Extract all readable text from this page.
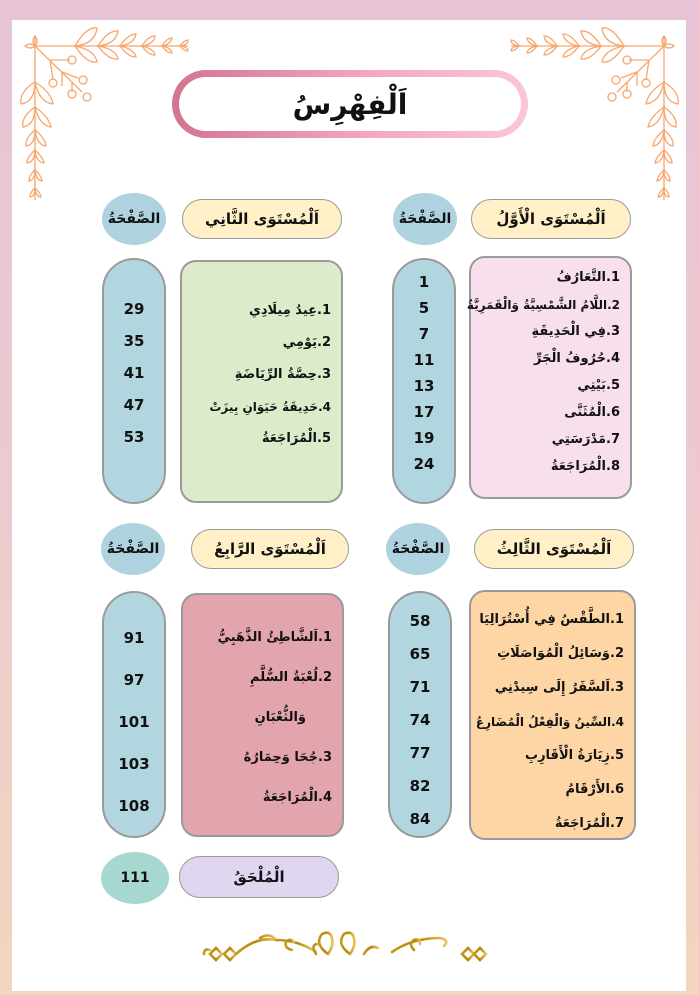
اَلْفِهْرِسُ
اَلْمُسْتَوَى الْأَوَّلُ
الصَّفْحَةُ
1.التَّعَارُفُ
2.اللَّامُ الشَّمْسِيَّةُ وَالْقَمَرِيَّةُ
3.فِي الْحَدِيقَةِ
4.حُرُوفُ الْجَرِّ
5.بَيْتِي
6.الْمُثَنَّى
7.مَدْرَسَتِي
8.الْمُرَاجَعَةُ
1
5
7
11
13
17
19
24
اَلْمُسْتَوَى الثَّانِي
الصَّفْحَةُ
1.عِيدُ مِيلَادِي
2.يَوْمِي
3.حِصَّةُ الرِّيَاضَةِ
4.حَدِيقَةُ حَيَوَانِ بِيزَتْ
5.الْمُرَاجَعَةُ
29
35
41
47
53
اَلْمُسْتَوَى الثَّالِثُ
الصَّفْحَةُ
1.الطَّقْسُ فِي أُسْتُرَالِيَا
2.وَسَائِلُ الْمُوَاصَلَاتِ
3.اَلسَّفَرُ إِلَى سِيدْنِي
4.السِّينُ وَالْفِعْلُ الْمُضَارِعُ
5.زِيَارَةُ الْأَقَارِبِ
6.الأَرْقَامُ
7.الْمُرَاجَعَةُ
58
65
71
74
77
82
84
اَلْمُسْتَوَى الرَّابِعُ
الصَّفْحَةُ
1.اَلشَّاطِئُ الذَّهَبِيُّ
2.لُعْبَةُ السُّلَّمِ
وَالثُّعْبَانِ
3.جُحَا وَحِمَارُهُ
4.الْمُرَاجَعَةُ
91
97
101
103
108
الْمُلْحَقُ
111
